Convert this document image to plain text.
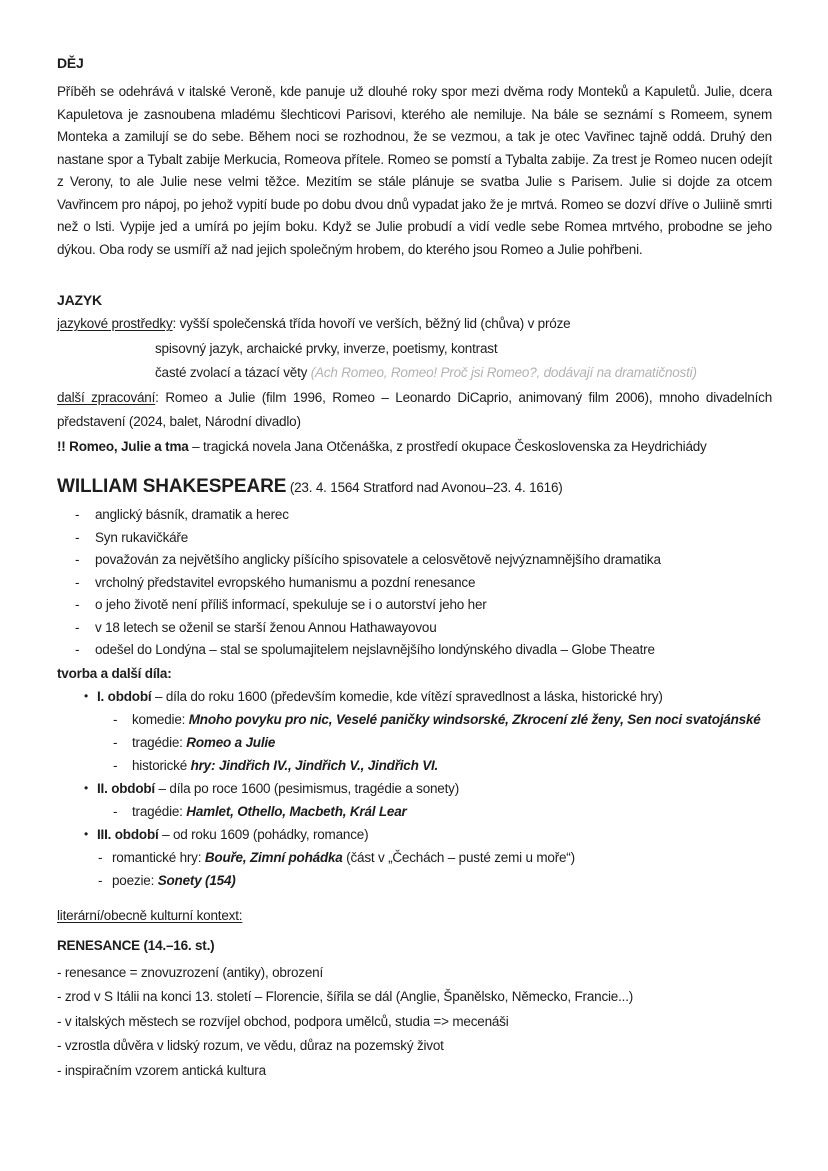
DĚJ

Příběh se odehrává v italské Veroně, kde panuje už dlouhé roky spor mezi dvěma rody Monteků a Kapuletů. Julie, dcera Kapuletova je zasnoubena mladému šlechticovi Parisovi, kterého ale nemiluje. Na bále se seznámí s Romeem, synem Monteka a zamilují se do sebe. Během noci se rozhodnou, že se vezmou, a tak je otec Vavřinec tajně oddá. Druhý den nastane spor a Tybalt zabije Merkucia, Romeova přítele. Romeo se pomstí a Tybalta zabije. Za trest je Romeo nucen odejít z Verony, to ale Julie nese velmi těžce. Mezitím se stále plánuje se svatba Julie s Parisem. Julie si dojde za otcem Vavřincem pro nápoj, po jehož vypití bude po dobu dvou dnů vypadat jako že je mrtvá. Romeo se dozví dříve o Juliině smrti než o lsti. Vypije jed a umírá po jejím boku. Když se Julie probudí a vidí vedle sebe Romea mrtvého, probodne se jeho dýkou. Oba rody se usmíří až nad jejich společným hrobem, do kterého jsou Romeo a Julie pohřbeni.

JAZYK
jazykové prostředky: vyšší společenská třída hovoří ve verších, běžný lid (chůva) v próze
spisovný jazyk, archaické prvky, inverze, poetismy, kontrast
časté zvolací a tázací věty (Ach Romeo, Romeo! Proč jsi Romeo?, dodávají na dramatičnosti)
další zpracování: Romeo a Julie (film 1996, Romeo – Leonardo DiCaprio, animovaný film 2006), mnoho divadelních představení (2024, balet, Národní divadlo)
!! Romeo, Julie a tma – tragická novela Jana Otčenáška, z prostředí okupace Československa za Heydrichiády
WILLIAM SHAKESPEARE (23. 4. 1564 Stratford nad Avonou–23. 4. 1616)
- anglický básník, dramatik a herec
- Syn rukavičkáře
- považován za největšího anglicky píšícího spisovatele a celosvětově nejvýznamnějšího dramatika
- vrcholný představitel evropského humanismu a pozdní renesance
- o jeho životě není příliš informací, spekuluje se i o autorství jeho her
- v 18 letech se oženil se starší ženou Annou Hathawayovou
- odešel do Londýna – stal se spolumajitelem nejslavnějšího londýnského divadla – Globe Theatre
tvorba a další díla:
• I. období – díla do roku 1600 (především komedie, kde vítězí spravedlnost a láska, historické hry)
- komedie: Mnoho povyku pro nic, Veselé paničky windsorské, Zkrocení zlé ženy, Sen noci svatojánské
- tragédie: Romeo a Julie
- historické hry: Jindřich IV., Jindřich V., Jindřich VI.
• II. období – díla po roce 1600 (pesimismus, tragédie a sonety)
- tragédie: Hamlet, Othello, Macbeth, Král Lear
• III. období – od roku 1609 (pohádky, romance)
- romantické hry: Bouře, Zimní pohádka (část v „Čechách – pusté zemi u moře“)
- poezie: Sonety (154)
literární/obecně kulturní kontext:
RENESANCE (14.–16. st.)
- renesance = znovuzrození (antiky), obrození
- zrod v S Itálii na konci 13. století – Florencie, šířila se dál (Anglie, Španělsko, Německo, Francie...)
- v italských městech se rozvíjel obchod, podpora umělců, studia => mecenáši
- vzrostla důvěra v lidský rozum, ve vědu, důraz na pozemský život
- inspiračním vzorem antická kultura
